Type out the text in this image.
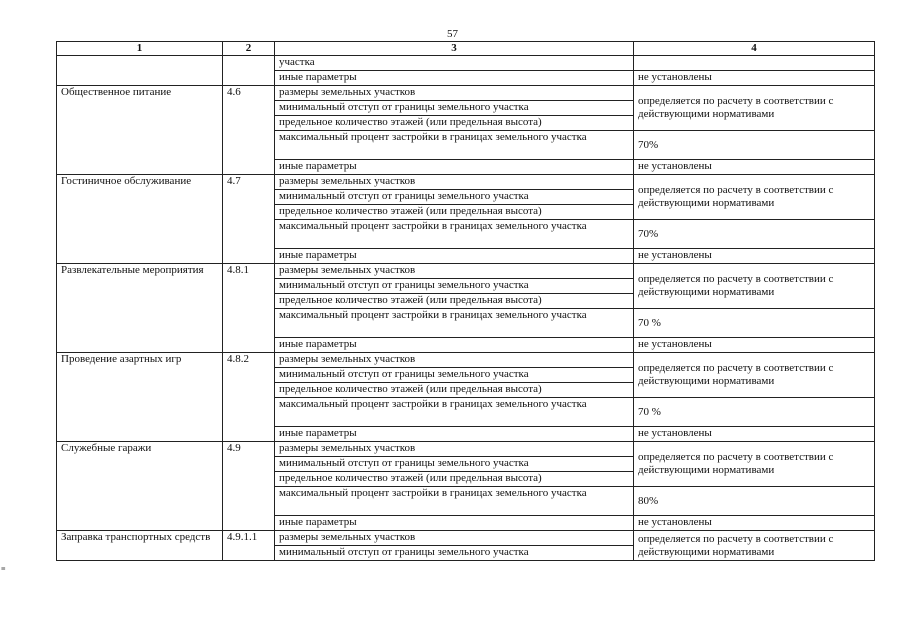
57
≡
1	2	3	4
		участка	
		иные параметры	не установлены
Общественное питание	4.6	размеры земельных участков	определяется по расчету в соответствии с действующими нормативами
		минимальный отступ от границы земельного участка	
		предельное количество этажей (или предельная высота)	
		максимальный процент застройки в границах земельного участка	70%
		иные параметры	не установлены
Гостиничное обслуживание	4.7	размеры земельных участков	определяется по расчету в соответствии с действующими нормативами
		минимальный отступ от границы земельного участка	
		предельное количество этажей (или предельная высота)	
		максимальный процент застройки в границах земельного участка	70%
		иные параметры	не установлены
Развлекательные мероприятия	4.8.1	размеры земельных участков	определяется по расчету в соответствии с действующими нормативами
		минимальный отступ от границы земельного участка	
		предельное количество этажей (или предельная высота)	
		максимальный процент застройки в границах земельного участка	70 %
		иные параметры	не установлены
Проведение азартных игр	4.8.2	размеры земельных участков	определяется по расчету в соответствии с действующими нормативами
		минимальный отступ от границы земельного участка	
		предельное количество этажей (или предельная высота)	
		максимальный процент застройки в границах земельного участка	70 %
		иные параметры	не установлены
Служебные гаражи	4.9	размеры земельных участков	определяется по расчету в соответствии с действующими нормативами
		минимальный отступ от границы земельного участка	
		предельное количество этажей (или предельная высота)	
		максимальный процент застройки в границах земельного участка	80%
		иные параметры	не установлены
Заправка транспортных средств	4.9.1.1	размеры земельных участков	определяется по расчету в соответствии с действующими нормативами
		минимальный отступ от границы земельного участка	
